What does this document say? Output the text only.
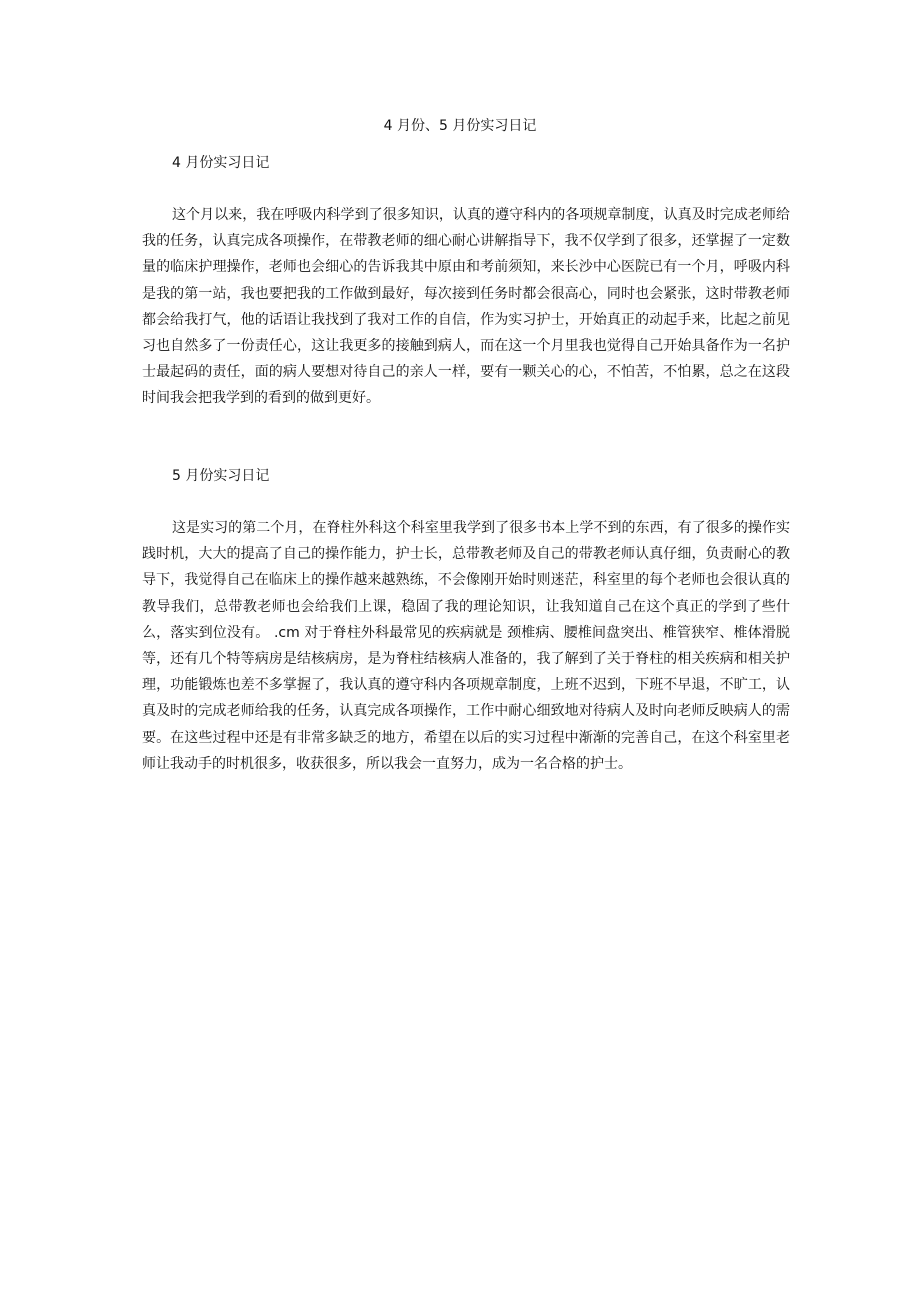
4 月份、5 月份实习日记
4 月份实习日记

这个月以来，我在呼吸内科学到了很多知识，认真的遵守科内的各项规章制度，认真及时完成老师给我的任务，认真完成各项操作，在带教老师的细心耐心讲解指导下，我不仅学到了很多，还掌握了一定数量的临床护理操作，老师也会细心的告诉我其中原由和考前须知，来长沙中心医院已有一个月，呼吸内科是我的第一站，我也要把我的工作做到最好，每次接到任务时都会很高心，同时也会紧张，这时带教老师都会给我打气，他的话语让我找到了我对工作的自信，作为实习护士，开始真正的动起手来，比起之前见习也自然多了一份责任心，这让我更多的接触到病人，而在这一个月里我也觉得自己开始具备作为一名护士最起码的责任，面的病人要想对待自己的亲人一样，要有一颗关心的心，不怕苦，不怕累，总之在这段时间我会把我学到的看到的做到更好。

5 月份实习日记

这是实习的第二个月，在脊柱外科这个科室里我学到了很多书本上学不到的东西，有了很多的操作实践时机，大大的提高了自己的操作能力，护士长，总带教老师及自己的带教老师认真仔细，负责耐心的教导下，我觉得自己在临床上的操作越来越熟练，不会像刚开始时则迷茫，科室里的每个老师也会很认真的教导我们，总带教老师也会给我们上课，稳固了我的理论知识，让我知道自己在这个真正的学到了些什么，落实到位没有。 .cm 对于脊柱外科最常见的疾病就是 颈椎病、腰椎间盘突出、椎管狭窄、椎体滑脱等，还有几个特等病房是结核病房，是为脊柱结核病人准备的，我了解到了关于脊柱的相关疾病和相关护理，功能锻炼也差不多掌握了，我认真的遵守科内各项规章制度，上班不迟到，下班不早退，不旷工，认真及时的完成老师给我的任务，认真完成各项操作，工作中耐心细致地对待病人及时向老师反映病人的需要。在这些过程中还是有非常多缺乏的地方，希望在以后的实习过程中渐渐的完善自己，在这个科室里老师让我动手的时机很多，收获很多，所以我会一直努力，成为一名合格的护士。
